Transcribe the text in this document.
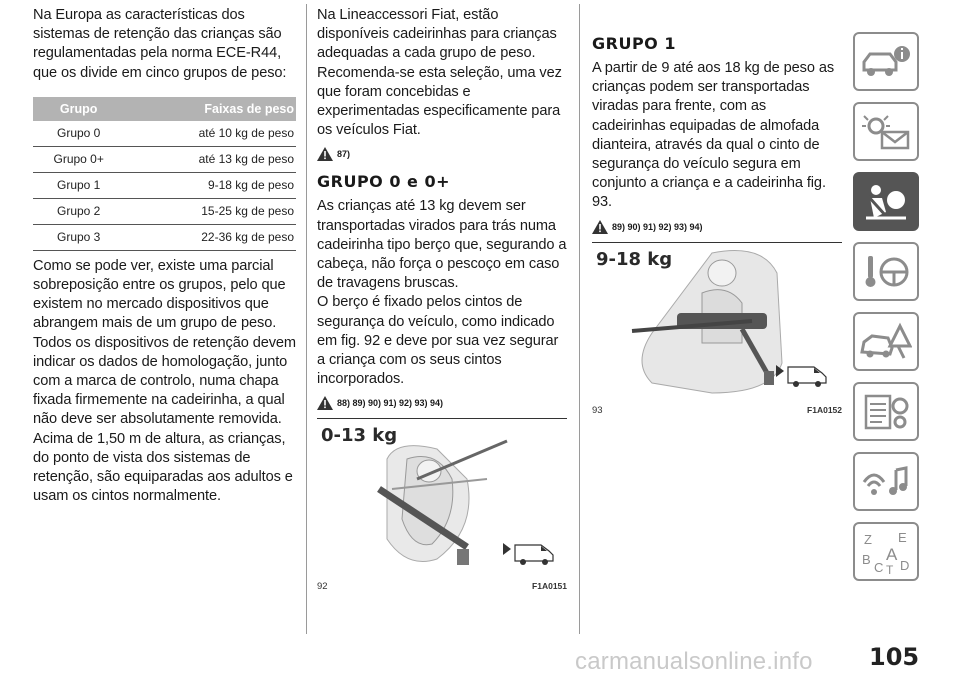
Na Europa as características dos sistemas de retenção das crianças são regulamentadas pela norma ECE-R44, que os divide em cinco grupos de peso:

Grupo	Faixas de peso
Grupo 0	até 10 kg de peso
Grupo 0+	até 13 kg de peso
Grupo 1	9-18 kg de peso
Grupo 2	15-25 kg de peso
Grupo 3	22-36 kg de peso

Como se pode ver, existe uma parcial sobreposição entre os grupos, pelo que existem no mercado dispositivos que abrangem mais de um grupo de peso.

Todos os dispositivos de retenção devem indicar os dados de homologação, junto com a marca de controlo, numa chapa fixada firmemente na cadeirinha, a qual não deve ser absolutamente removida.

Acima de 1,50 m de altura, as crianças, do ponto de vista dos sistemas de retenção, são equiparadas aos adultos e usam os cintos normalmente.

Na Lineaccessori Fiat, estão disponíveis cadeirinhas para crianças adequadas a cada grupo de peso. Recomenda-se esta seleção, uma vez que foram concebidas e experimentadas especificamente para os veículos Fiat.

87)
GRUPO 0 e 0+

As crianças até 13 kg devem ser transportadas virados para trás numa cadeirinha tipo berço que, segurando a cabeça, não força o pescoço em caso de travagens bruscas.

O berço é fixado pelos cintos de segurança do veículo, como indicado em fig. 92 e deve por sua vez segurar a criança com os seus cintos incorporados.

88) 89) 90) 91) 92) 93) 94)
0-13 kg
92	F1A0151
GRUPO 1

A partir de 9 até aos 18 kg de peso as crianças podem ser transportadas viradas para frente, com as cadeirinhas equipadas de almofada dianteira, através da qual o cinto de segurança do veículo segura em conjunto a criança e a cadeirinha fig. 93.

89) 90) 91) 92) 93) 94)
9-18 kg
93	F1A0152
Z E
A
B
C T D
105
carmanualsonline.info
